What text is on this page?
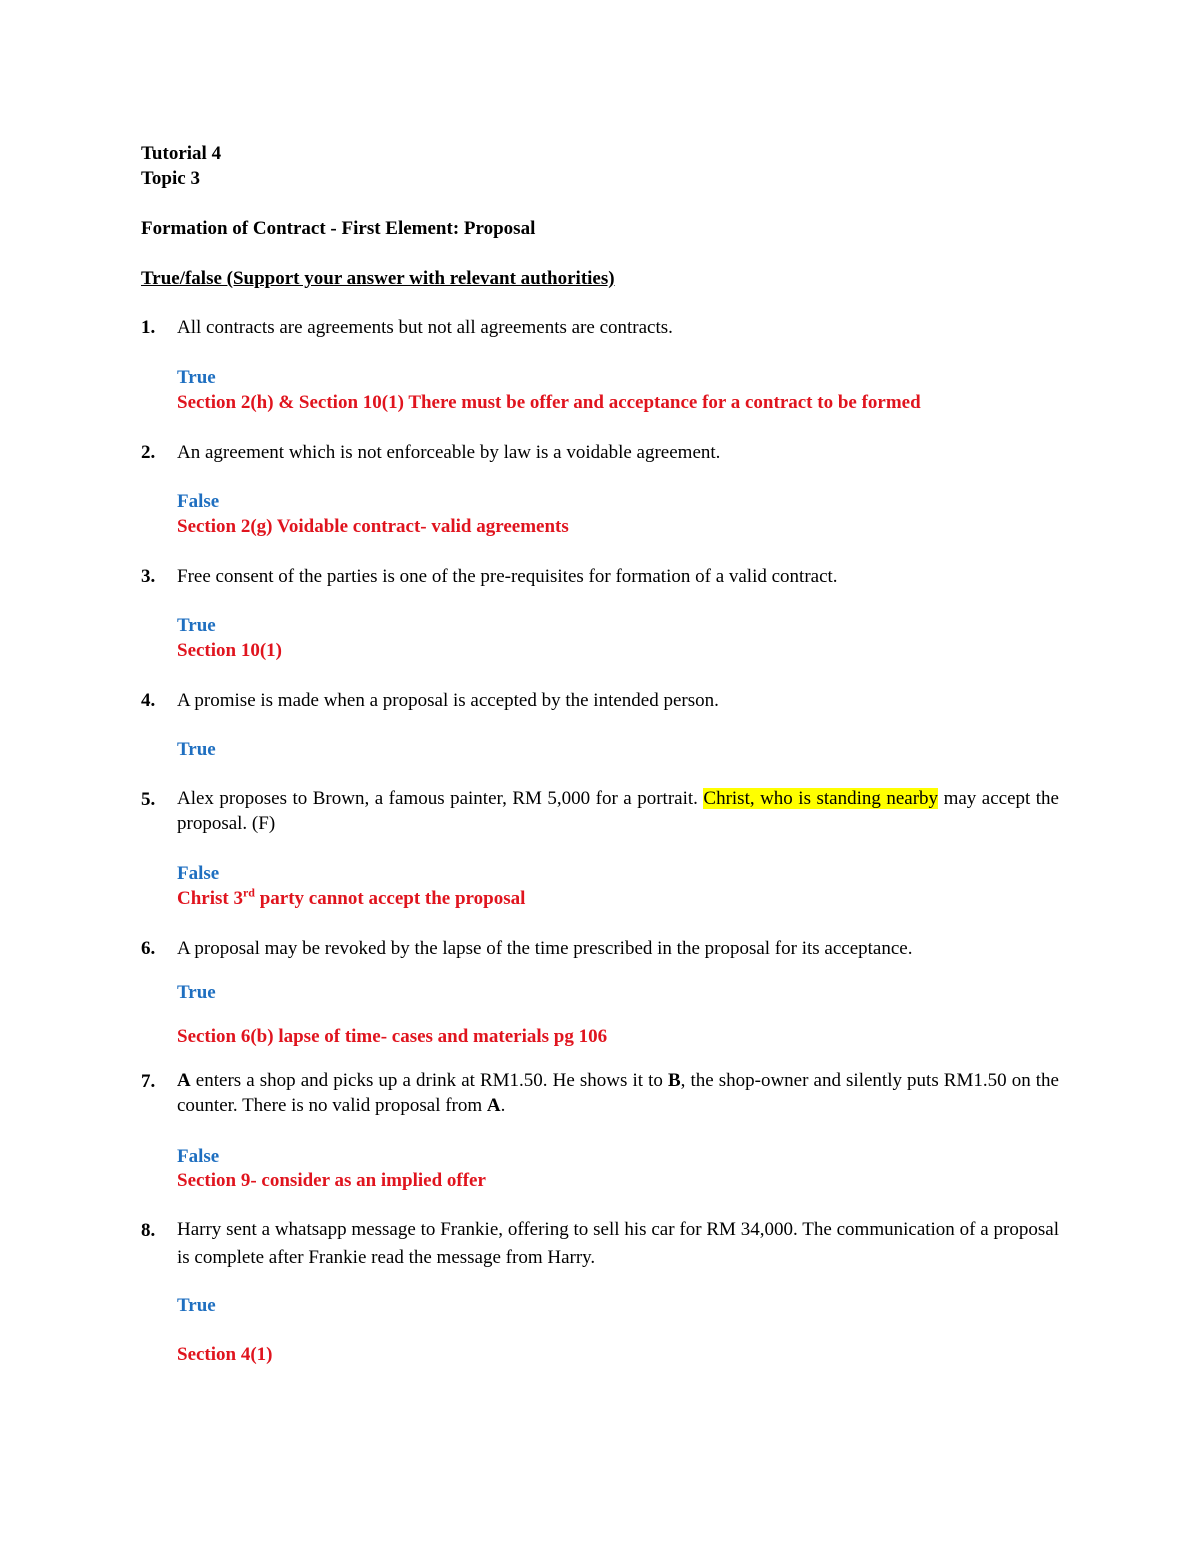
Tutorial 4
Topic 3
Formation of Contract - First Element: Proposal
True/false (Support your answer with relevant authorities)
1. All contracts are agreements but not all agreements are contracts.
True
Section 2(h) & Section 10(1) There must be offer and acceptance for a contract to be formed
2. An agreement which is not enforceable by law is a voidable agreement.
False
Section 2(g) Voidable contract- valid agreements
3. Free consent of the parties is one of the pre-requisites for formation of a valid contract.
True
Section 10(1)
4. A promise is made when a proposal is accepted by the intended person.
True
5. Alex proposes to Brown, a famous painter, RM 5,000 for a portrait. Christ, who is standing nearby may accept the proposal. (F)
False
Christ 3rd party cannot accept the proposal
6. A proposal may be revoked by the lapse of the time prescribed in the proposal for its acceptance.
True
Section 6(b) lapse of time- cases and materials pg 106
7. A enters a shop and picks up a drink at RM1.50. He shows it to B, the shop-owner and silently puts RM1.50 on the counter. There is no valid proposal from A.
False
Section 9- consider as an implied offer
8. Harry sent a whatsapp message to Frankie, offering to sell his car for RM 34,000. The communication of a proposal is complete after Frankie read the message from Harry.
True
Section 4(1)
